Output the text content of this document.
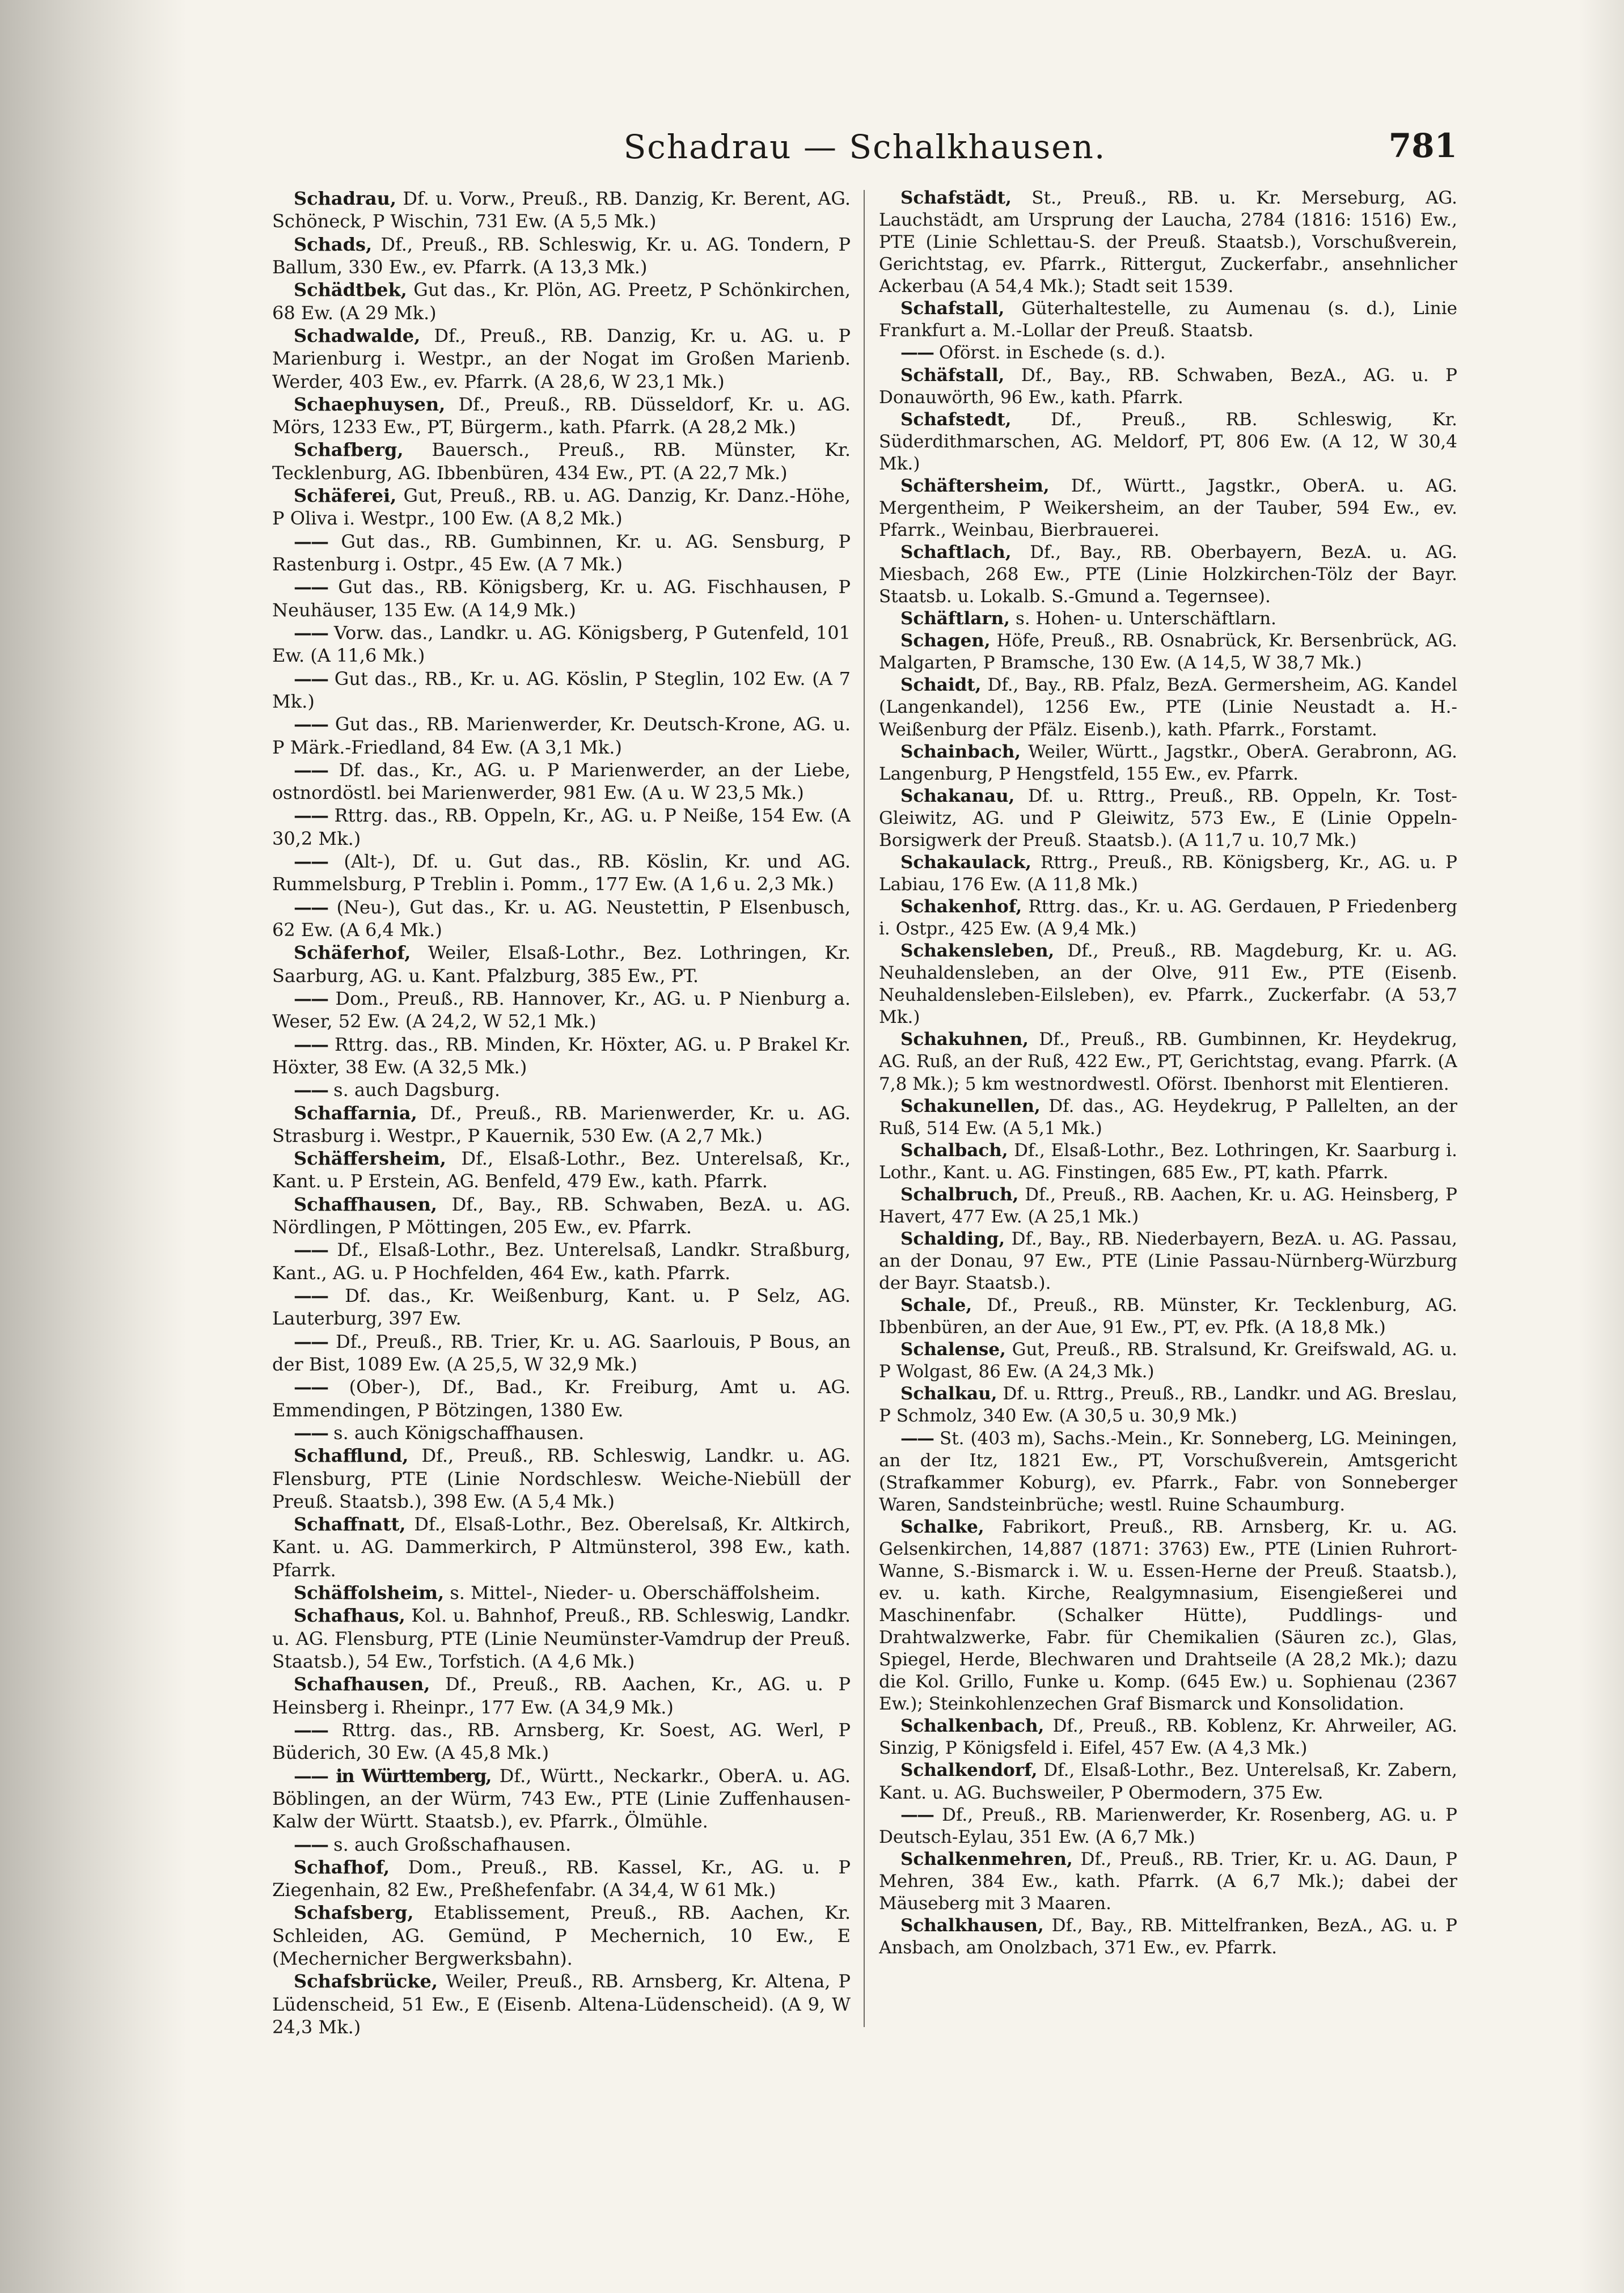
Schadrau — Schalkhausen.	781

Schadrau, Df. u. Vorw., Preuß., RB. Danzig, Kr. Berent, AG. Schöneck, P Wischin, 731 Ew. (A 5,5 Mk.)

Schads, Df., Preuß., RB. Schleswig, Kr. u. AG. Tondern, P Ballum, 330 Ew., ev. Pfarrk. (A 13,3 Mk.)

Schädtbek, Gut das., Kr. Plön, AG. Preetz, P Schönkirchen, 68 Ew. (A 29 Mk.)

Schadwalde, Df., Preuß., RB. Danzig, Kr. u. AG. u. P Marienburg i. Westpr., an der Nogat im Großen Marienb. Werder, 403 Ew., ev. Pfarrk. (A 28,6, W 23,1 Mk.)

Schaephuysen, Df., Preuß., RB. Düsseldorf, Kr. u. AG. Mörs, 1233 Ew., PT, Bürgerm., kath. Pfarrk. (A 28,2 Mk.)

Schafberg, Bauersch., Preuß., RB. Münster, Kr. Tecklenburg, AG. Ibbenbüren, 434 Ew., PT. (A 22,7 Mk.)

Schäferei, Gut, Preuß., RB. u. AG. Danzig, Kr. Danz.-Höhe, P Oliva i. Westpr., 100 Ew. (A 8,2 Mk.)

—— Gut das., RB. Gumbinnen, Kr. u. AG. Sensburg, P Rastenburg i. Ostpr., 45 Ew. (A 7 Mk.)

—— Gut das., RB. Königsberg, Kr. u. AG. Fischhausen, P Neuhäuser, 135 Ew. (A 14,9 Mk.)

—— Vorw. das., Landkr. u. AG. Königsberg, P Gutenfeld, 101 Ew. (A 11,6 Mk.)

—— Gut das., RB., Kr. u. AG. Köslin, P Steglin, 102 Ew. (A 7 Mk.)

—— Gut das., RB. Marienwerder, Kr. Deutsch-Krone, AG. u. P Märk.-Friedland, 84 Ew. (A 3,1 Mk.)

—— Df. das., Kr., AG. u. P Marienwerder, an der Liebe, ostnordöstl. bei Marienwerder, 981 Ew. (A u. W 23,5 Mk.)

—— Rttrg. das., RB. Oppeln, Kr., AG. u. P Neiße, 154 Ew. (A 30,2 Mk.)

—— (Alt-), Df. u. Gut das., RB. Köslin, Kr. und AG. Rummelsburg, P Treblin i. Pomm., 177 Ew. (A 1,6 u. 2,3 Mk.)

—— (Neu-), Gut das., Kr. u. AG. Neustettin, P Elsenbusch, 62 Ew. (A 6,4 Mk.)

Schäferhof, Weiler, Elsaß-Lothr., Bez. Lothringen, Kr. Saarburg, AG. u. Kant. Pfalzburg, 385 Ew., PT.

—— Dom., Preuß., RB. Hannover, Kr., AG. u. P Nienburg a. Weser, 52 Ew. (A 24,2, W 52,1 Mk.)

—— Rttrg. das., RB. Minden, Kr. Höxter, AG. u. P Brakel Kr. Höxter, 38 Ew. (A 32,5 Mk.)

—— s. auch Dagsburg.

Schaffarnia, Df., Preuß., RB. Marienwerder, Kr. u. AG. Strasburg i. Westpr., P Kauernik, 530 Ew. (A 2,7 Mk.)

Schäffersheim, Df., Elsaß-Lothr., Bez. Unterelsaß, Kr., Kant. u. P Erstein, AG. Benfeld, 479 Ew., kath. Pfarrk.

Schaffhausen, Df., Bay., RB. Schwaben, BezA. u. AG. Nördlingen, P Möttingen, 205 Ew., ev. Pfarrk.

—— Df., Elsaß-Lothr., Bez. Unterelsaß, Landkr. Straßburg, Kant., AG. u. P Hochfelden, 464 Ew., kath. Pfarrk.

—— Df. das., Kr. Weißenburg, Kant. u. P Selz, AG. Lauterburg, 397 Ew.

—— Df., Preuß., RB. Trier, Kr. u. AG. Saarlouis, P Bous, an der Bist, 1089 Ew. (A 25,5, W 32,9 Mk.)

—— (Ober-), Df., Bad., Kr. Freiburg, Amt u. AG. Emmendingen, P Bötzingen, 1380 Ew.

—— s. auch Königschaffhausen.

Schafflund, Df., Preuß., RB. Schleswig, Landkr. u. AG. Flensburg, PTE (Linie Nordschlesw. Weiche-Niebüll der Preuß. Staatsb.), 398 Ew. (A 5,4 Mk.)

Schaffnatt, Df., Elsaß-Lothr., Bez. Oberelsaß, Kr. Altkirch, Kant. u. AG. Dammerkirch, P Altmünsterol, 398 Ew., kath. Pfarrk.

Schäffolsheim, s. Mittel-, Nieder- u. Oberschäffolsheim.

Schafhaus, Kol. u. Bahnhof, Preuß., RB. Schleswig, Landkr. u. AG. Flensburg, PTE (Linie Neumünster-Vamdrup der Preuß. Staatsb.), 54 Ew., Torfstich. (A 4,6 Mk.)

Schafhausen, Df., Preuß., RB. Aachen, Kr., AG. u. P Heinsberg i. Rheinpr., 177 Ew. (A 34,9 Mk.)

—— Rttrg. das., RB. Arnsberg, Kr. Soest, AG. Werl, P Büderich, 30 Ew. (A 45,8 Mk.)

—— in Württemberg, Df., Württ., Neckarkr., OberA. u. AG. Böblingen, an der Würm, 743 Ew., PTE (Linie Zuffenhausen-Kalw der Württ. Staatsb.), ev. Pfarrk., Ölmühle.

—— s. auch Großschafhausen.

Schafhof, Dom., Preuß., RB. Kassel, Kr., AG. u. P Ziegenhain, 82 Ew., Preßhefenfabr. (A 34,4, W 61 Mk.)

Schafsberg, Etablissement, Preuß., RB. Aachen, Kr. Schleiden, AG. Gemünd, P Mechernich, 10 Ew., E (Mechernicher Bergwerksbahn).

Schafsbrücke, Weiler, Preuß., RB. Arnsberg, Kr. Altena, P Lüdenscheid, 51 Ew., E (Eisenb. Altena-Lüdenscheid). (A 9, W 24,3 Mk.)

Schafstädt, St., Preuß., RB. u. Kr. Merseburg, AG. Lauchstädt, am Ursprung der Laucha, 2784 (1816: 1516) Ew., PTE (Linie Schlettau-S. der Preuß. Staatsb.), Vorschußverein, Gerichtstag, ev. Pfarrk., Rittergut, Zuckerfabr., ansehnlicher Ackerbau (A 54,4 Mk.); Stadt seit 1539.

Schafstall, Güterhaltestelle, zu Aumenau (s. d.), Linie Frankfurt a. M.-Lollar der Preuß. Staatsb.

—— Oförst. in Eschede (s. d.).

Schäfstall, Df., Bay., RB. Schwaben, BezA., AG. u. P Donauwörth, 96 Ew., kath. Pfarrk.

Schafstedt, Df., Preuß., RB. Schleswig, Kr. Süderdithmarschen, AG. Meldorf, PT, 806 Ew. (A 12, W 30,4 Mk.)

Schäftersheim, Df., Württ., Jagstkr., OberA. u. AG. Mergentheim, P Weikersheim, an der Tauber, 594 Ew., ev. Pfarrk., Weinbau, Bierbrauerei.

Schaftlach, Df., Bay., RB. Oberbayern, BezA. u. AG. Miesbach, 268 Ew., PTE (Linie Holzkirchen-Tölz der Bayr. Staatsb. u. Lokalb. S.-Gmund a. Tegernsee).

Schäftlarn, s. Hohen- u. Unterschäftlarn.

Schagen, Höfe, Preuß., RB. Osnabrück, Kr. Bersenbrück, AG. Malgarten, P Bramsche, 130 Ew. (A 14,5, W 38,7 Mk.)

Schaidt, Df., Bay., RB. Pfalz, BezA. Germersheim, AG. Kandel (Langenkandel), 1256 Ew., PTE (Linie Neustadt a. H.-Weißenburg der Pfälz. Eisenb.), kath. Pfarrk., Forstamt.

Schainbach, Weiler, Württ., Jagstkr., OberA. Gerabronn, AG. Langenburg, P Hengstfeld, 155 Ew., ev. Pfarrk.

Schakanau, Df. u. Rttrg., Preuß., RB. Oppeln, Kr. Tost-Gleiwitz, AG. und P Gleiwitz, 573 Ew., E (Linie Oppeln-Borsigwerk der Preuß. Staatsb.). (A 11,7 u. 10,7 Mk.)

Schakaulack, Rttrg., Preuß., RB. Königsberg, Kr., AG. u. P Labiau, 176 Ew. (A 11,8 Mk.)

Schakenhof, Rttrg. das., Kr. u. AG. Gerdauen, P Friedenberg i. Ostpr., 425 Ew. (A 9,4 Mk.)

Schakensleben, Df., Preuß., RB. Magdeburg, Kr. u. AG. Neuhaldensleben, an der Olve, 911 Ew., PTE (Eisenb. Neuhaldensleben-Eilsleben), ev. Pfarrk., Zuckerfabr. (A 53,7 Mk.)

Schakuhnen, Df., Preuß., RB. Gumbinnen, Kr. Heydekrug, AG. Ruß, an der Ruß, 422 Ew., PT, Gerichtstag, evang. Pfarrk. (A 7,8 Mk.); 5 km westnordwestl. Oförst. Ibenhorst mit Elentieren.

Schakunellen, Df. das., AG. Heydekrug, P Pallelten, an der Ruß, 514 Ew. (A 5,1 Mk.)

Schalbach, Df., Elsaß-Lothr., Bez. Lothringen, Kr. Saarburg i. Lothr., Kant. u. AG. Finstingen, 685 Ew., PT, kath. Pfarrk.

Schalbruch, Df., Preuß., RB. Aachen, Kr. u. AG. Heinsberg, P Havert, 477 Ew. (A 25,1 Mk.)

Schalding, Df., Bay., RB. Niederbayern, BezA. u. AG. Passau, an der Donau, 97 Ew., PTE (Linie Passau-Nürnberg-Würzburg der Bayr. Staatsb.).

Schale, Df., Preuß., RB. Münster, Kr. Tecklenburg, AG. Ibbenbüren, an der Aue, 91 Ew., PT, ev. Pfk. (A 18,8 Mk.)

Schalense, Gut, Preuß., RB. Stralsund, Kr. Greifswald, AG. u. P Wolgast, 86 Ew. (A 24,3 Mk.)

Schalkau, Df. u. Rttrg., Preuß., RB., Landkr. und AG. Breslau, P Schmolz, 340 Ew. (A 30,5 u. 30,9 Mk.)

—— St. (403 m), Sachs.-Mein., Kr. Sonneberg, LG. Meiningen, an der Itz, 1821 Ew., PT, Vorschußverein, Amtsgericht (Strafkammer Koburg), ev. Pfarrk., Fabr. von Sonneberger Waren, Sandsteinbrüche; westl. Ruine Schaumburg.

Schalke, Fabrikort, Preuß., RB. Arnsberg, Kr. u. AG. Gelsenkirchen, 14,887 (1871: 3763) Ew., PTE (Linien Ruhrort-Wanne, S.-Bismarck i. W. u. Essen-Herne der Preuß. Staatsb.), ev. u. kath. Kirche, Realgymnasium, Eisengießerei und Maschinenfabr. (Schalker Hütte), Puddlings- und Drahtwalzwerke, Fabr. für Chemikalien (Säuren zc.), Glas, Spiegel, Herde, Blechwaren und Drahtseile (A 28,2 Mk.); dazu die Kol. Grillo, Funke u. Komp. (645 Ew.) u. Sophienau (2367 Ew.); Steinkohlenzechen Graf Bismarck und Konsolidation.

Schalkenbach, Df., Preuß., RB. Koblenz, Kr. Ahrweiler, AG. Sinzig, P Königsfeld i. Eifel, 457 Ew. (A 4,3 Mk.)

Schalkendorf, Df., Elsaß-Lothr., Bez. Unterelsaß, Kr. Zabern, Kant. u. AG. Buchsweiler, P Obermodern, 375 Ew.

—— Df., Preuß., RB. Marienwerder, Kr. Rosenberg, AG. u. P Deutsch-Eylau, 351 Ew. (A 6,7 Mk.)

Schalkenmehren, Df., Preuß., RB. Trier, Kr. u. AG. Daun, P Mehren, 384 Ew., kath. Pfarrk. (A 6,7 Mk.); dabei der Mäuseberg mit 3 Maaren.

Schalkhausen, Df., Bay., RB. Mittelfranken, BezA., AG. u. P Ansbach, am Onolzbach, 371 Ew., ev. Pfarrk.
